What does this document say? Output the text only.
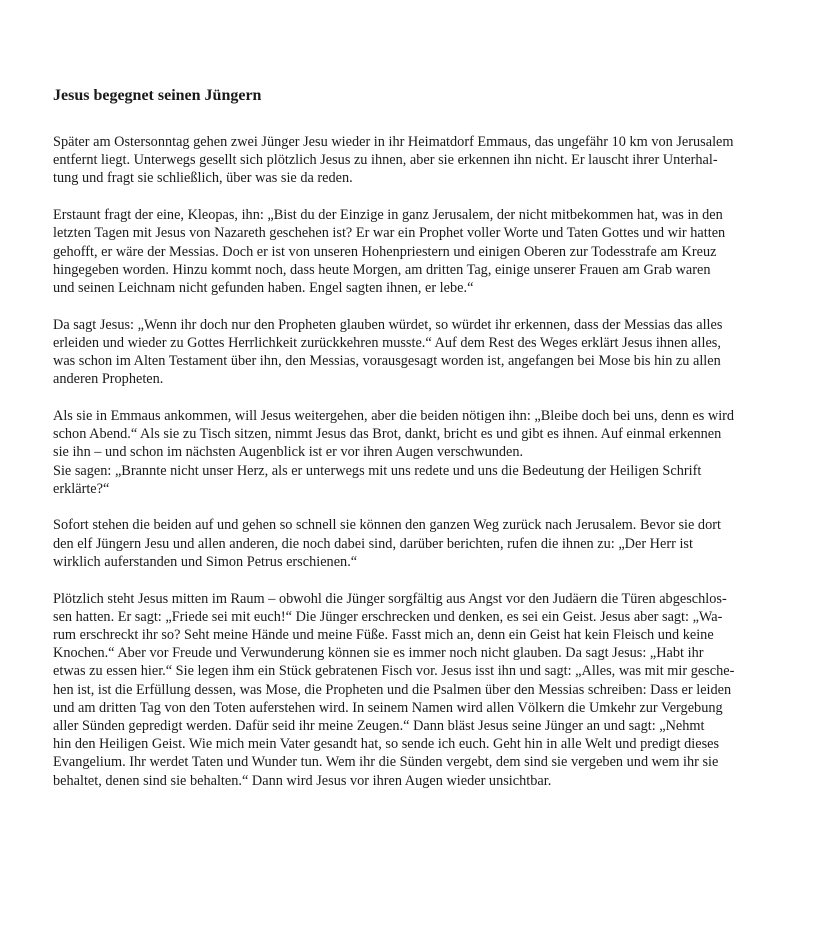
Jesus begegnet seinen Jüngern
Später am Ostersonntag gehen zwei Jünger Jesu wieder in ihr Heimatdorf Emmaus, das ungefähr 10 km von Jerusalem
entfernt liegt. Unterwegs gesellt sich plötzlich Jesus zu ihnen, aber sie erkennen ihn nicht. Er lauscht ihrer Unterhal-
tung und fragt sie schließlich, über was sie da reden.
Erstaunt fragt der eine, Kleopas, ihn: „Bist du der Einzige in ganz Jerusalem, der nicht mitbekommen hat, was in den
letzten Tagen mit Jesus von Nazareth geschehen ist? Er war ein Prophet voller Worte und Taten Gottes und wir hatten
gehofft, er wäre der Messias. Doch er ist von unseren Hohenpriestern und einigen Oberen zur Todesstrafe am Kreuz
hingegeben worden. Hinzu kommt noch, dass heute Morgen, am dritten Tag, einige unserer Frauen am Grab waren
und seinen Leichnam nicht gefunden haben. Engel sagten ihnen, er lebe.“
Da sagt Jesus: „Wenn ihr doch nur den Propheten glauben würdet, so würdet ihr erkennen, dass der Messias das alles
erleiden und wieder zu Gottes Herrlichkeit zurückkehren musste.“ Auf dem Rest des Weges erklärt Jesus ihnen alles,
was schon im Alten Testament über ihn, den Messias, vorausgesagt worden ist, angefangen bei Mose bis hin zu allen
anderen Propheten.
Als sie in Emmaus ankommen, will Jesus weitergehen, aber die beiden nötigen ihn: „Bleibe doch bei uns, denn es wird
schon Abend.“ Als sie zu Tisch sitzen, nimmt Jesus das Brot, dankt, bricht es und gibt es ihnen. Auf einmal erkennen
sie ihn – und schon im nächsten Augenblick ist er vor ihren Augen verschwunden.
Sie sagen: „Brannte nicht unser Herz, als er unterwegs mit uns redete und uns die Bedeutung der Heiligen Schrift
erklärte?“
Sofort stehen die beiden auf und gehen so schnell sie können den ganzen Weg zurück nach Jerusalem. Bevor sie dort
den elf Jüngern Jesu und allen anderen, die noch dabei sind, darüber berichten, rufen die ihnen zu: „Der Herr ist
wirklich auferstanden und Simon Petrus erschienen.“
Plötzlich steht Jesus mitten im Raum – obwohl die Jünger sorgfältig aus Angst vor den Judäern die Türen abgeschlos-
sen hatten. Er sagt: „Friede sei mit euch!“ Die Jünger erschrecken und denken, es sei ein Geist. Jesus aber sagt: „Wa-
rum erschreckt ihr so? Seht meine Hände und meine Füße. Fasst mich an, denn ein Geist hat kein Fleisch und keine
Knochen.“ Aber vor Freude und Verwunderung können sie es immer noch nicht glauben. Da sagt Jesus: „Habt ihr
etwas zu essen hier.“ Sie legen ihm ein Stück gebratenen Fisch vor. Jesus isst ihn und sagt: „Alles, was mit mir gesche-
hen ist, ist die Erfüllung dessen, was Mose, die Propheten und die Psalmen über den Messias schreiben: Dass er leiden
und am dritten Tag von den Toten auferstehen wird. In seinem Namen wird allen Völkern die Umkehr zur Vergebung
aller Sünden gepredigt werden. Dafür seid ihr meine Zeugen.“ Dann bläst Jesus seine Jünger an und sagt: „Nehmt
hin den Heiligen Geist. Wie mich mein Vater gesandt hat, so sende ich euch. Geht hin in alle Welt und predigt dieses
Evangelium. Ihr werdet Taten und Wunder tun. Wem ihr die Sünden vergebt, dem sind sie vergeben und wem ihr sie
behaltet, denen sind sie behalten.“ Dann wird Jesus vor ihren Augen wieder unsichtbar.
